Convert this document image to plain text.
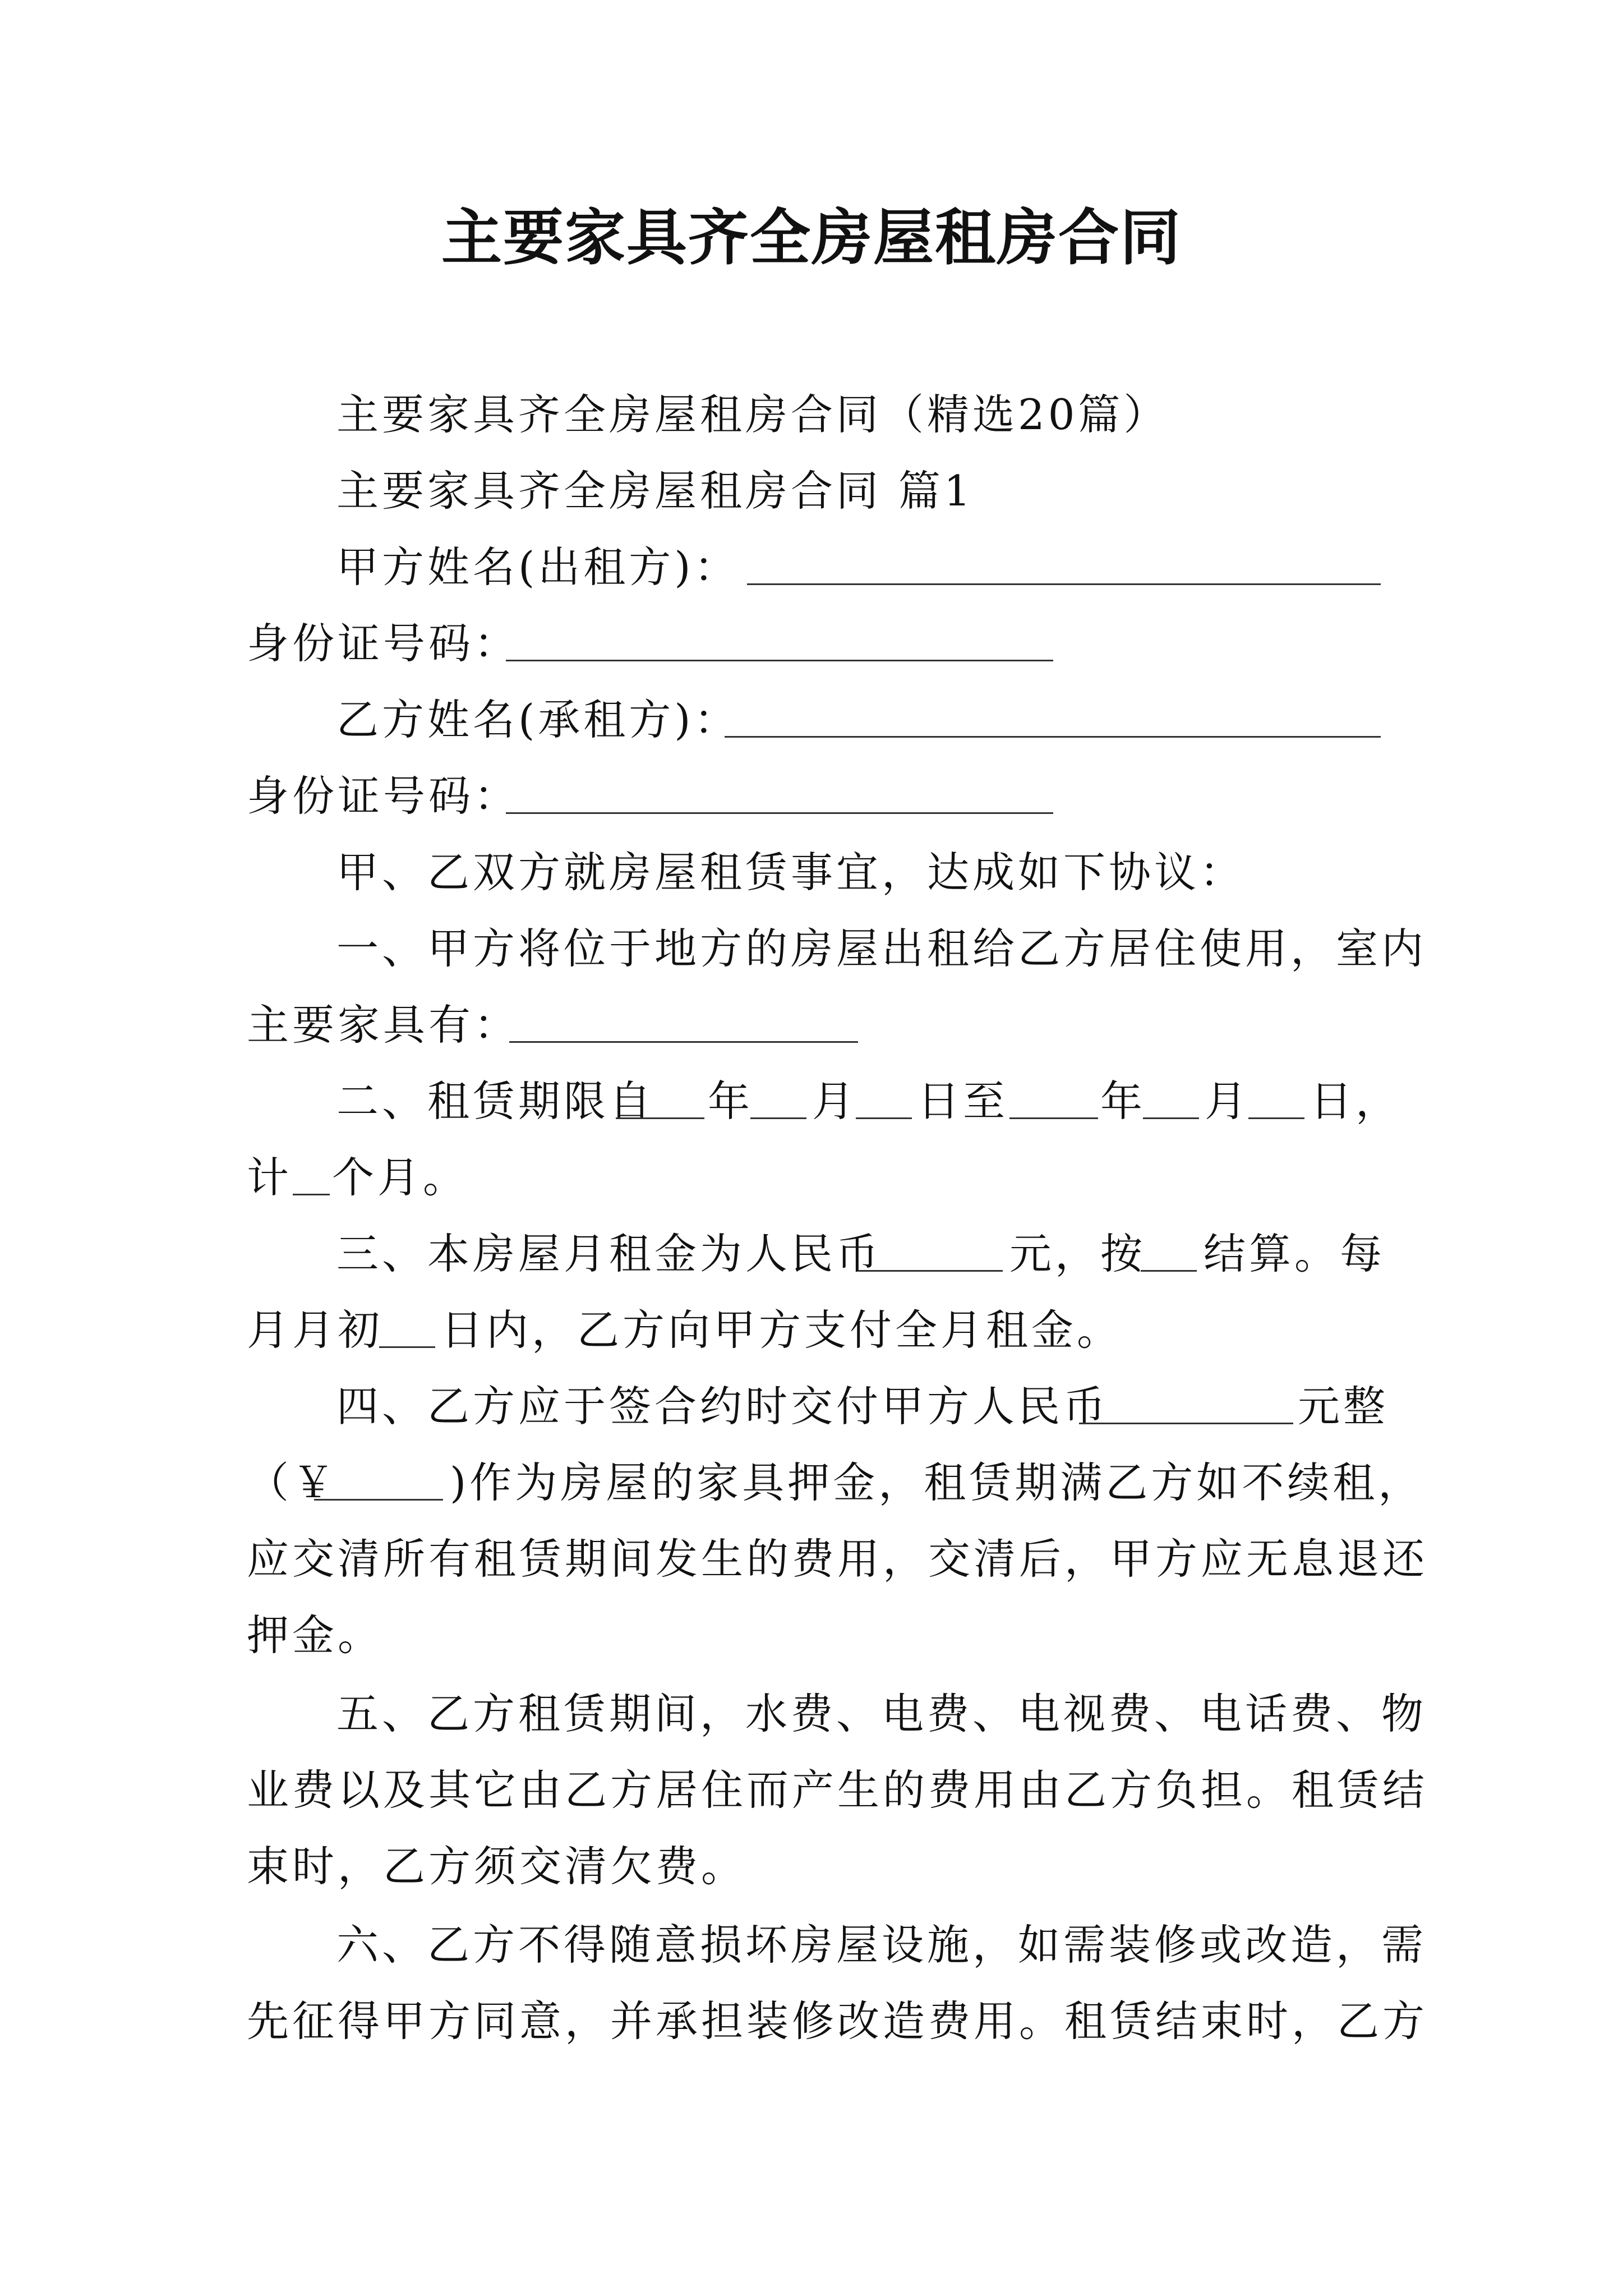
主要家具齐全房屋租房合同
主要家具齐全房屋租房合同（精选20篇）
主要家具齐全房屋租房合同 篇1
甲方姓名(出租方)：
身份证号码：
乙方姓名(承租方)：
身份证号码：
甲、乙双方就房屋租赁事宜，达成如下协议：
一、甲方将位于地方的房屋出租给乙方居住使用，室内
主要家具有：
二、租赁期限自 年 月 日至 年 月 日，
计 个月。
三、本房屋月租金为人民币	元，按 结算。每
月月初 日内，乙方向甲方支付全月租金。
四、乙方应于签合约时交付甲方人民币	元整
（￥	)作为房屋的家具押金，租赁期满乙方如不续租，
应交清所有租赁期间发生的费用，交清后，甲方应无息退还
押金。
五、乙方租赁期间，水费、电费、电视费、电话费、物
业费以及其它由乙方居住而产生的费用由乙方负担。租赁结
束时，乙方须交清欠费。
六、乙方不得随意损坏房屋设施，如需装修或改造，需
先征得甲方同意，并承担装修改造费用。租赁结束时，乙方
